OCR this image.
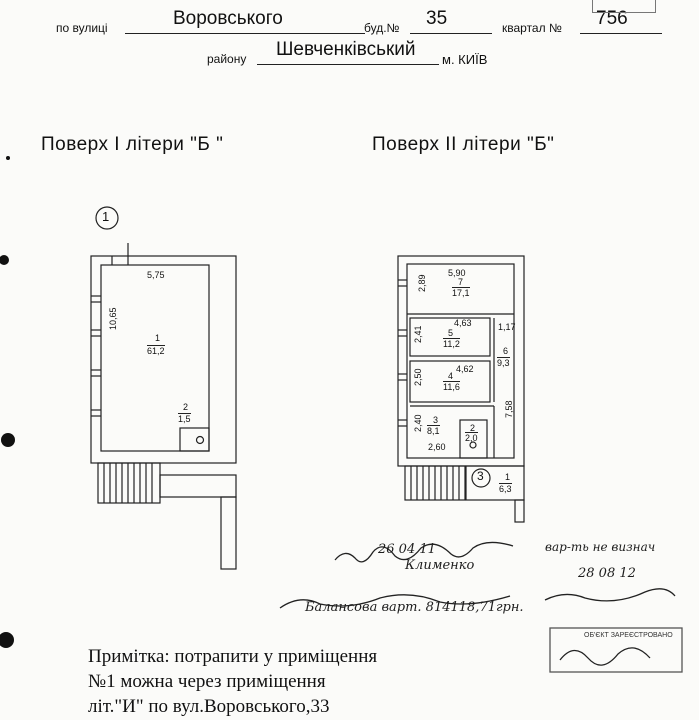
по вулиці	Воровського	буд.№ 35	квартал № 756
району Шевченківський м. КИЇВ
Поверх I літери "Б "	Поверх II літери "Б"
1
5,75
10,65
1
61,2
2
1,5
5,90
2,89	7
17,1
4,63
2,41	5
11,2
1,17
6
9,3
7,58
4,62
2,50	4
11,6
2,40 3
8,1
2,60
2
2,0
3 1
6,3
26 04 11
Клименко
вар-ть не визнач
28 08 12
Балансова варт. 814118,71грн.
ОБ'ЄКТ ЗАРЕЄСТРОВАНО
Примітка: потрапити у приміщення
№1 можна через приміщення
літ."И" по вул.Воровського,33
